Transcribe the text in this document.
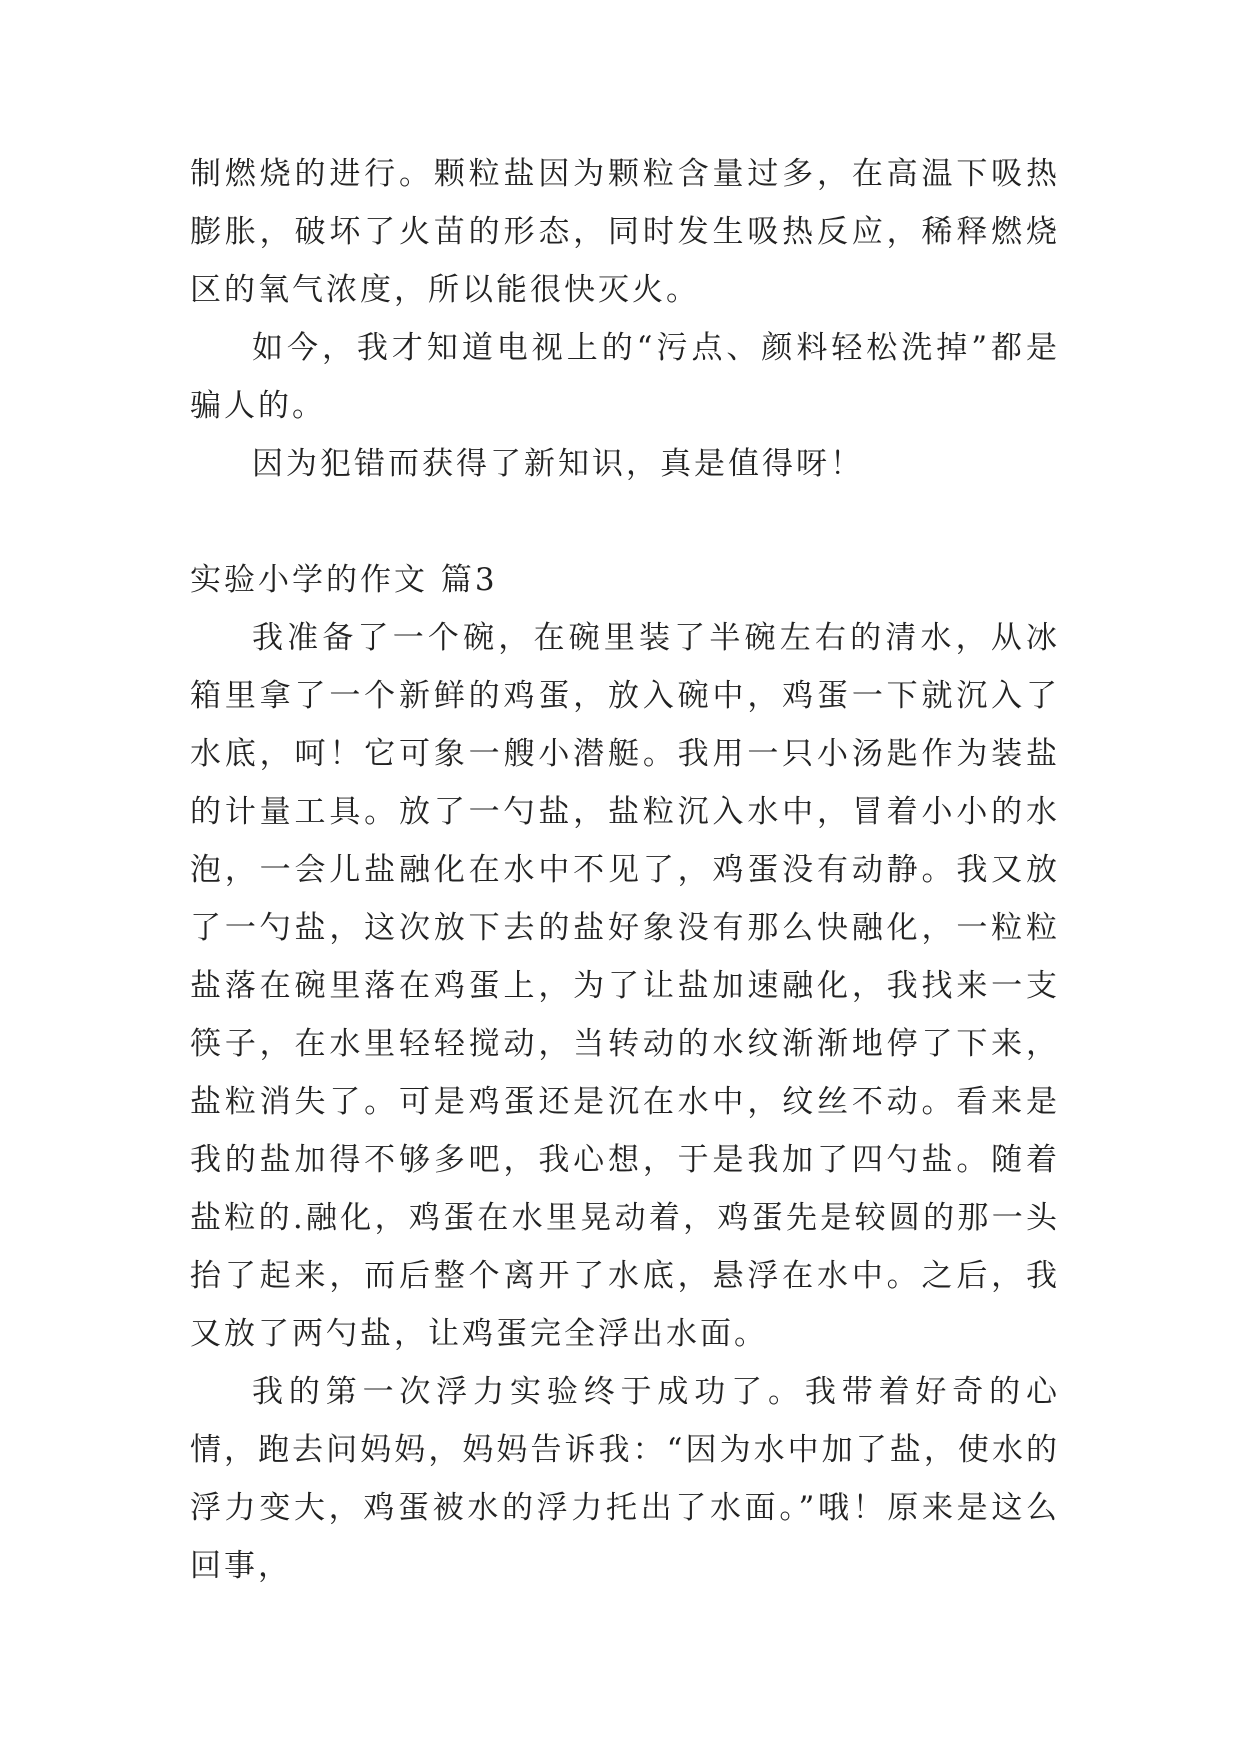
制燃烧的进行。颗粒盐因为颗粒含量过多，在高温下吸热膨胀，破坏了火苗的形态，同时发生吸热反应，稀释燃烧区的氧气浓度，所以能很快灭火。

如今，我才知道电视上的“污点、颜料轻松洗掉”都是骗人的。

因为犯错而获得了新知识，真是值得呀！

实验小学的作文 篇3

我准备了一个碗，在碗里装了半碗左右的清水，从冰箱里拿了一个新鲜的鸡蛋，放入碗中，鸡蛋一下就沉入了水底，呵！它可象一艘小潜艇。我用一只小汤匙作为装盐的计量工具。放了一勺盐，盐粒沉入水中，冒着小小的水泡，一会儿盐融化在水中不见了，鸡蛋没有动静。我又放了一勺盐，这次放下去的盐好象没有那么快融化，一粒粒盐落在碗里落在鸡蛋上，为了让盐加速融化，我找来一支筷子，在水里轻轻搅动，当转动的水纹渐渐地停了下来，盐粒消失了。可是鸡蛋还是沉在水中，纹丝不动。看来是我的盐加得不够多吧，我心想，于是我加了四勺盐。随着盐粒的.融化，鸡蛋在水里晃动着，鸡蛋先是较圆的那一头抬了起来，而后整个离开了水底，悬浮在水中。之后，我又放了两勺盐，让鸡蛋完全浮出水面。

我的第一次浮力实验终于成功了。我带着好奇的心情，跑去问妈妈，妈妈告诉我：“因为水中加了盐，使水的浮力变大，鸡蛋被水的浮力托出了水面。”哦！原来是这么回事，
